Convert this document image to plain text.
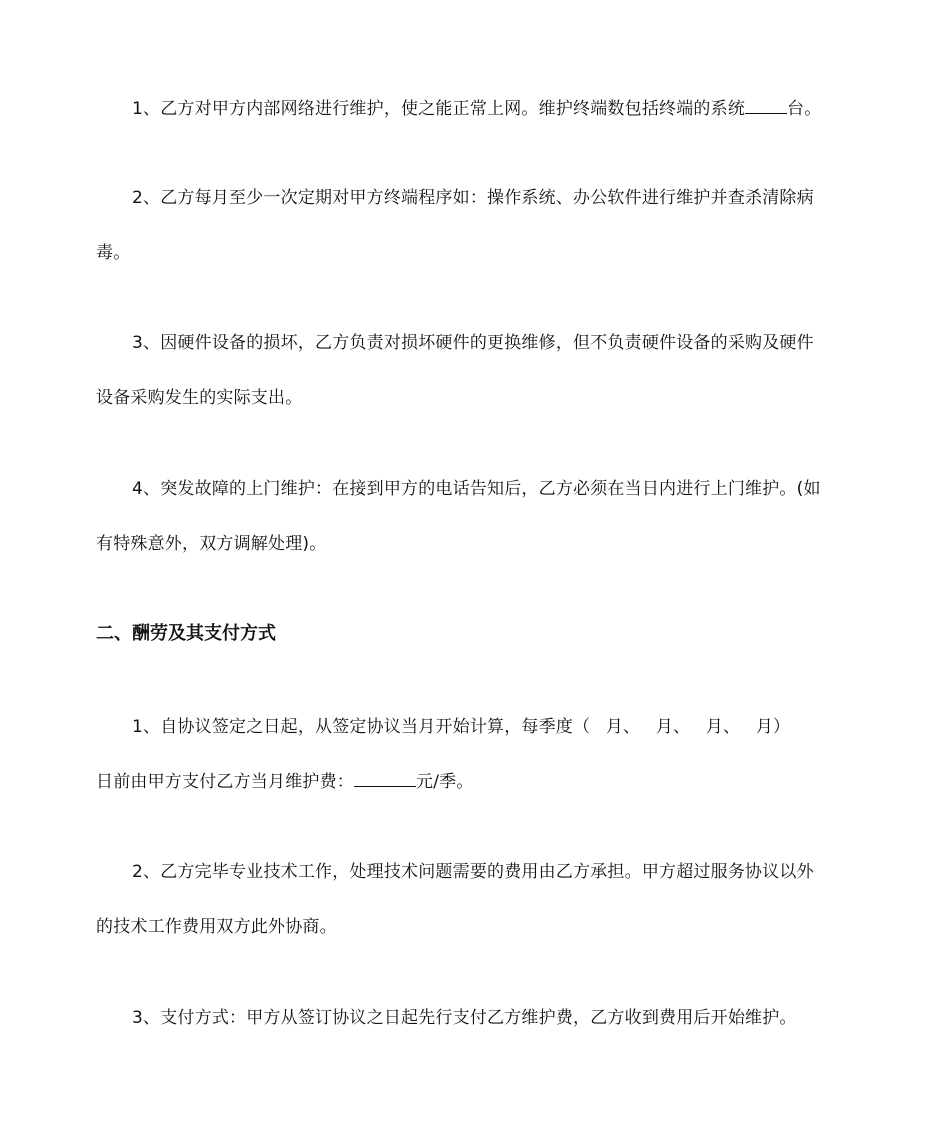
1、乙方对甲方内部网络进行维护，使之能正常上网。维护终端数包括终端的系统 台。

2、乙方每月至少一次定期对甲方终端程序如：操作系统、办公软件进行维护并查杀清除病
毒。

3、因硬件设备的损坏，乙方负责对损坏硬件的更换维修，但不负责硬件设备的采购及硬件
设备采购发生的实际支出。

4、突发故障的上门维护：在接到甲方的电话告知后，乙方必须在当日内进行上门维护。(如
有特殊意外，双方调解处理)。

二、酬劳及其支付方式

1、自协议签定之日起，从签定协议当月开始计算，每季度（ 月、 月、 月、 月）
日前由甲方支付乙方当月维护费：	元/季。

2、乙方完毕专业技术工作，处理技术问题需要的费用由乙方承担。甲方超过服务协议以外
的技术工作费用双方此外协商。

3、支付方式：甲方从签订协议之日起先行支付乙方维护费，乙方收到费用后开始维护。
